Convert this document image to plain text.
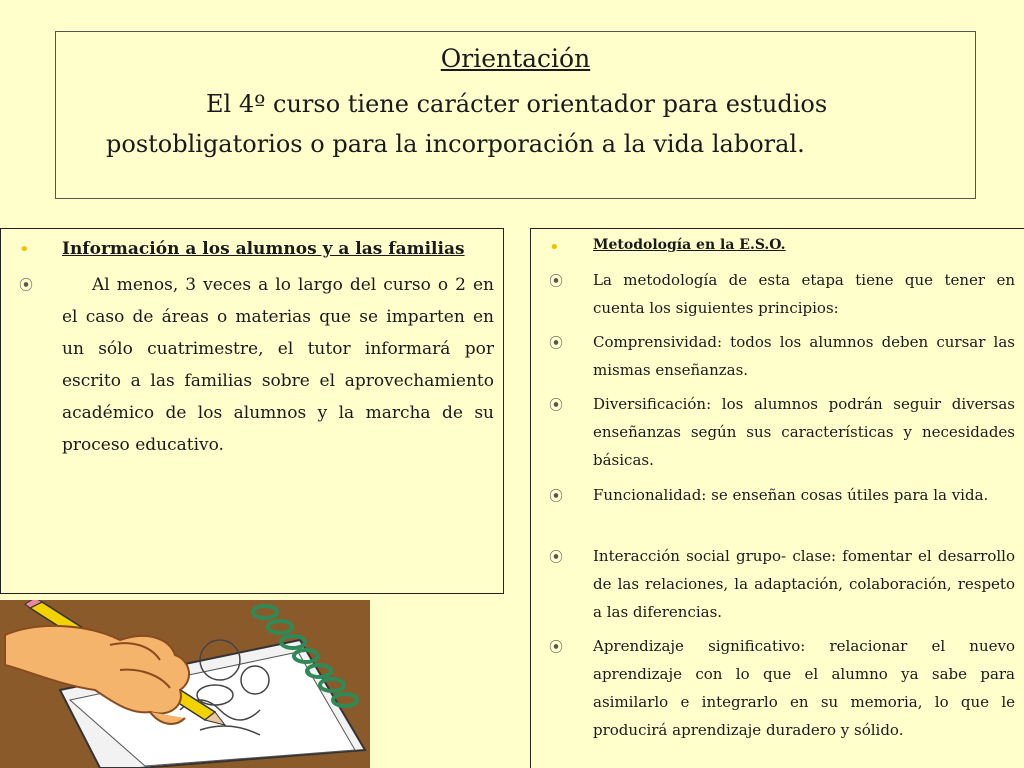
Orientación
El 4º curso tiene carácter orientador para estudios
postobligatorios o para la incorporación a la vida laboral.
• Información a los alumnos y a las familias
⦿	Al menos, 3 veces a lo largo del curso o 2 en el caso de áreas o materias que se imparten en un sólo cuatrimestre, el tutor informará por escrito a las familias sobre el aprovechamiento académico de los alumnos y la marcha de su proceso educativo.
• Metodología en la E.S.O.
⦿ La metodología de esta etapa tiene que tener en cuenta los siguientes principios:
⦿ Comprensividad: todos los alumnos deben cursar las mismas enseñanzas.
⦿ Diversificación: los alumnos podrán seguir diversas enseñanzas según sus características y necesidades básicas.
⦿ Funcionalidad: se enseñan cosas útiles para la vida.
⦿ Interacción social grupo- clase: fomentar el desarrollo de las relaciones, la adaptación, colaboración, respeto a las diferencias.
⦿ Aprendizaje significativo: relacionar el nuevo aprendizaje con lo que el alumno ya sabe para asimilarlo e integrarlo en su memoria, lo que le producirá aprendizaje duradero y sólido.
